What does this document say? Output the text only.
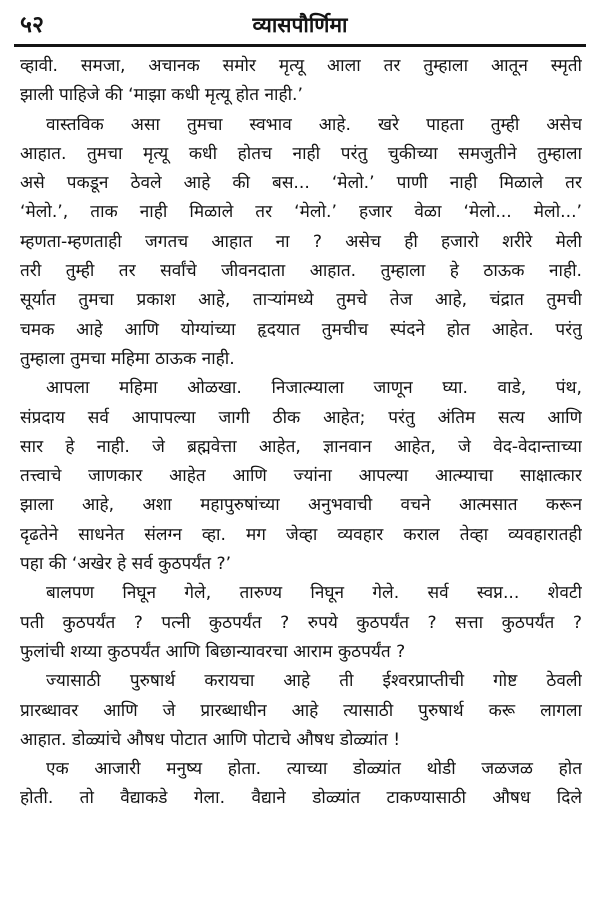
५२	व्यासपौर्णिमा
व्हावी. समजा, अचानक समोर मृत्यू आला तर तुम्हाला आतून स्मृती
झाली पाहिजे की ‘माझा कधी मृत्यू होत नाही.’
वास्तविक असा तुमचा स्वभाव आहे. खरे पाहता तुम्ही असेच
आहात. तुमचा मृत्यू कधी होतच नाही परंतु चुकीच्या समजुतीने तुम्हाला
असे पकडून ठेवले आहे की बस... ‘मेलो.’ पाणी नाही मिळाले तर
‘मेलो.’, ताक नाही मिळाले तर ‘मेलो.’ हजार वेळा ‘मेलो... मेलो...’
म्हणता-म्हणताही जगतच आहात ना ? असेच ही हजारो शरीरे मेली
तरी तुम्ही तर सर्वांचे जीवनदाता आहात. तुम्हाला हे ठाऊक नाही.
सूर्यात तुमचा प्रकाश आहे, ताऱ्यांमध्ये तुमचे तेज आहे, चंद्रात तुमची
चमक आहे आणि योग्यांच्या हृदयात तुमचीच स्पंदने होत आहेत. परंतु
तुम्हाला तुमचा महिमा ठाऊक नाही.
आपला महिमा ओळखा. निजात्म्याला जाणून घ्या. वाडे, पंथ,
संप्रदाय सर्व आपापल्या जागी ठीक आहेत; परंतु अंतिम सत्य आणि
सार हे नाही. जे ब्रह्मवेत्ता आहेत, ज्ञानवान आहेत, जे वेद-वेदान्ताच्या
तत्त्वाचे जाणकार आहेत आणि ज्यांना आपल्या आत्म्याचा साक्षात्कार
झाला आहे, अशा महापुरुषांच्या अनुभवाची वचने आत्मसात करून
दृढतेने साधनेत संलग्न व्हा. मग जेव्हा व्यवहार कराल तेव्हा व्यवहारातही
पहा की ‘अखेर हे सर्व कुठपर्यंत ?’
बालपण निघून गेले, तारुण्य निघून गेले. सर्व स्वप्न... शेवटी
पती कुठपर्यंत ? पत्नी कुठपर्यंत ? रुपये कुठपर्यंत ? सत्ता कुठपर्यंत ?
फुलांची शय्या कुठपर्यंत आणि बिछान्यावरचा आराम कुठपर्यंत ?
ज्यासाठी पुरुषार्थ करायचा आहे ती ईश्वरप्राप्तीची गोष्ट ठेवली
प्रारब्धावर आणि जे प्रारब्धाधीन आहे त्यासाठी पुरुषार्थ करू लागला
आहात. डोळ्यांचे औषध पोटात आणि पोटाचे औषध डोळ्यांत !
एक आजारी मनुष्य होता. त्याच्या डोळ्यांत थोडी जळजळ होत
होती. तो वैद्याकडे गेला. वैद्याने डोळ्यांत टाकण्यासाठी औषध दिले
